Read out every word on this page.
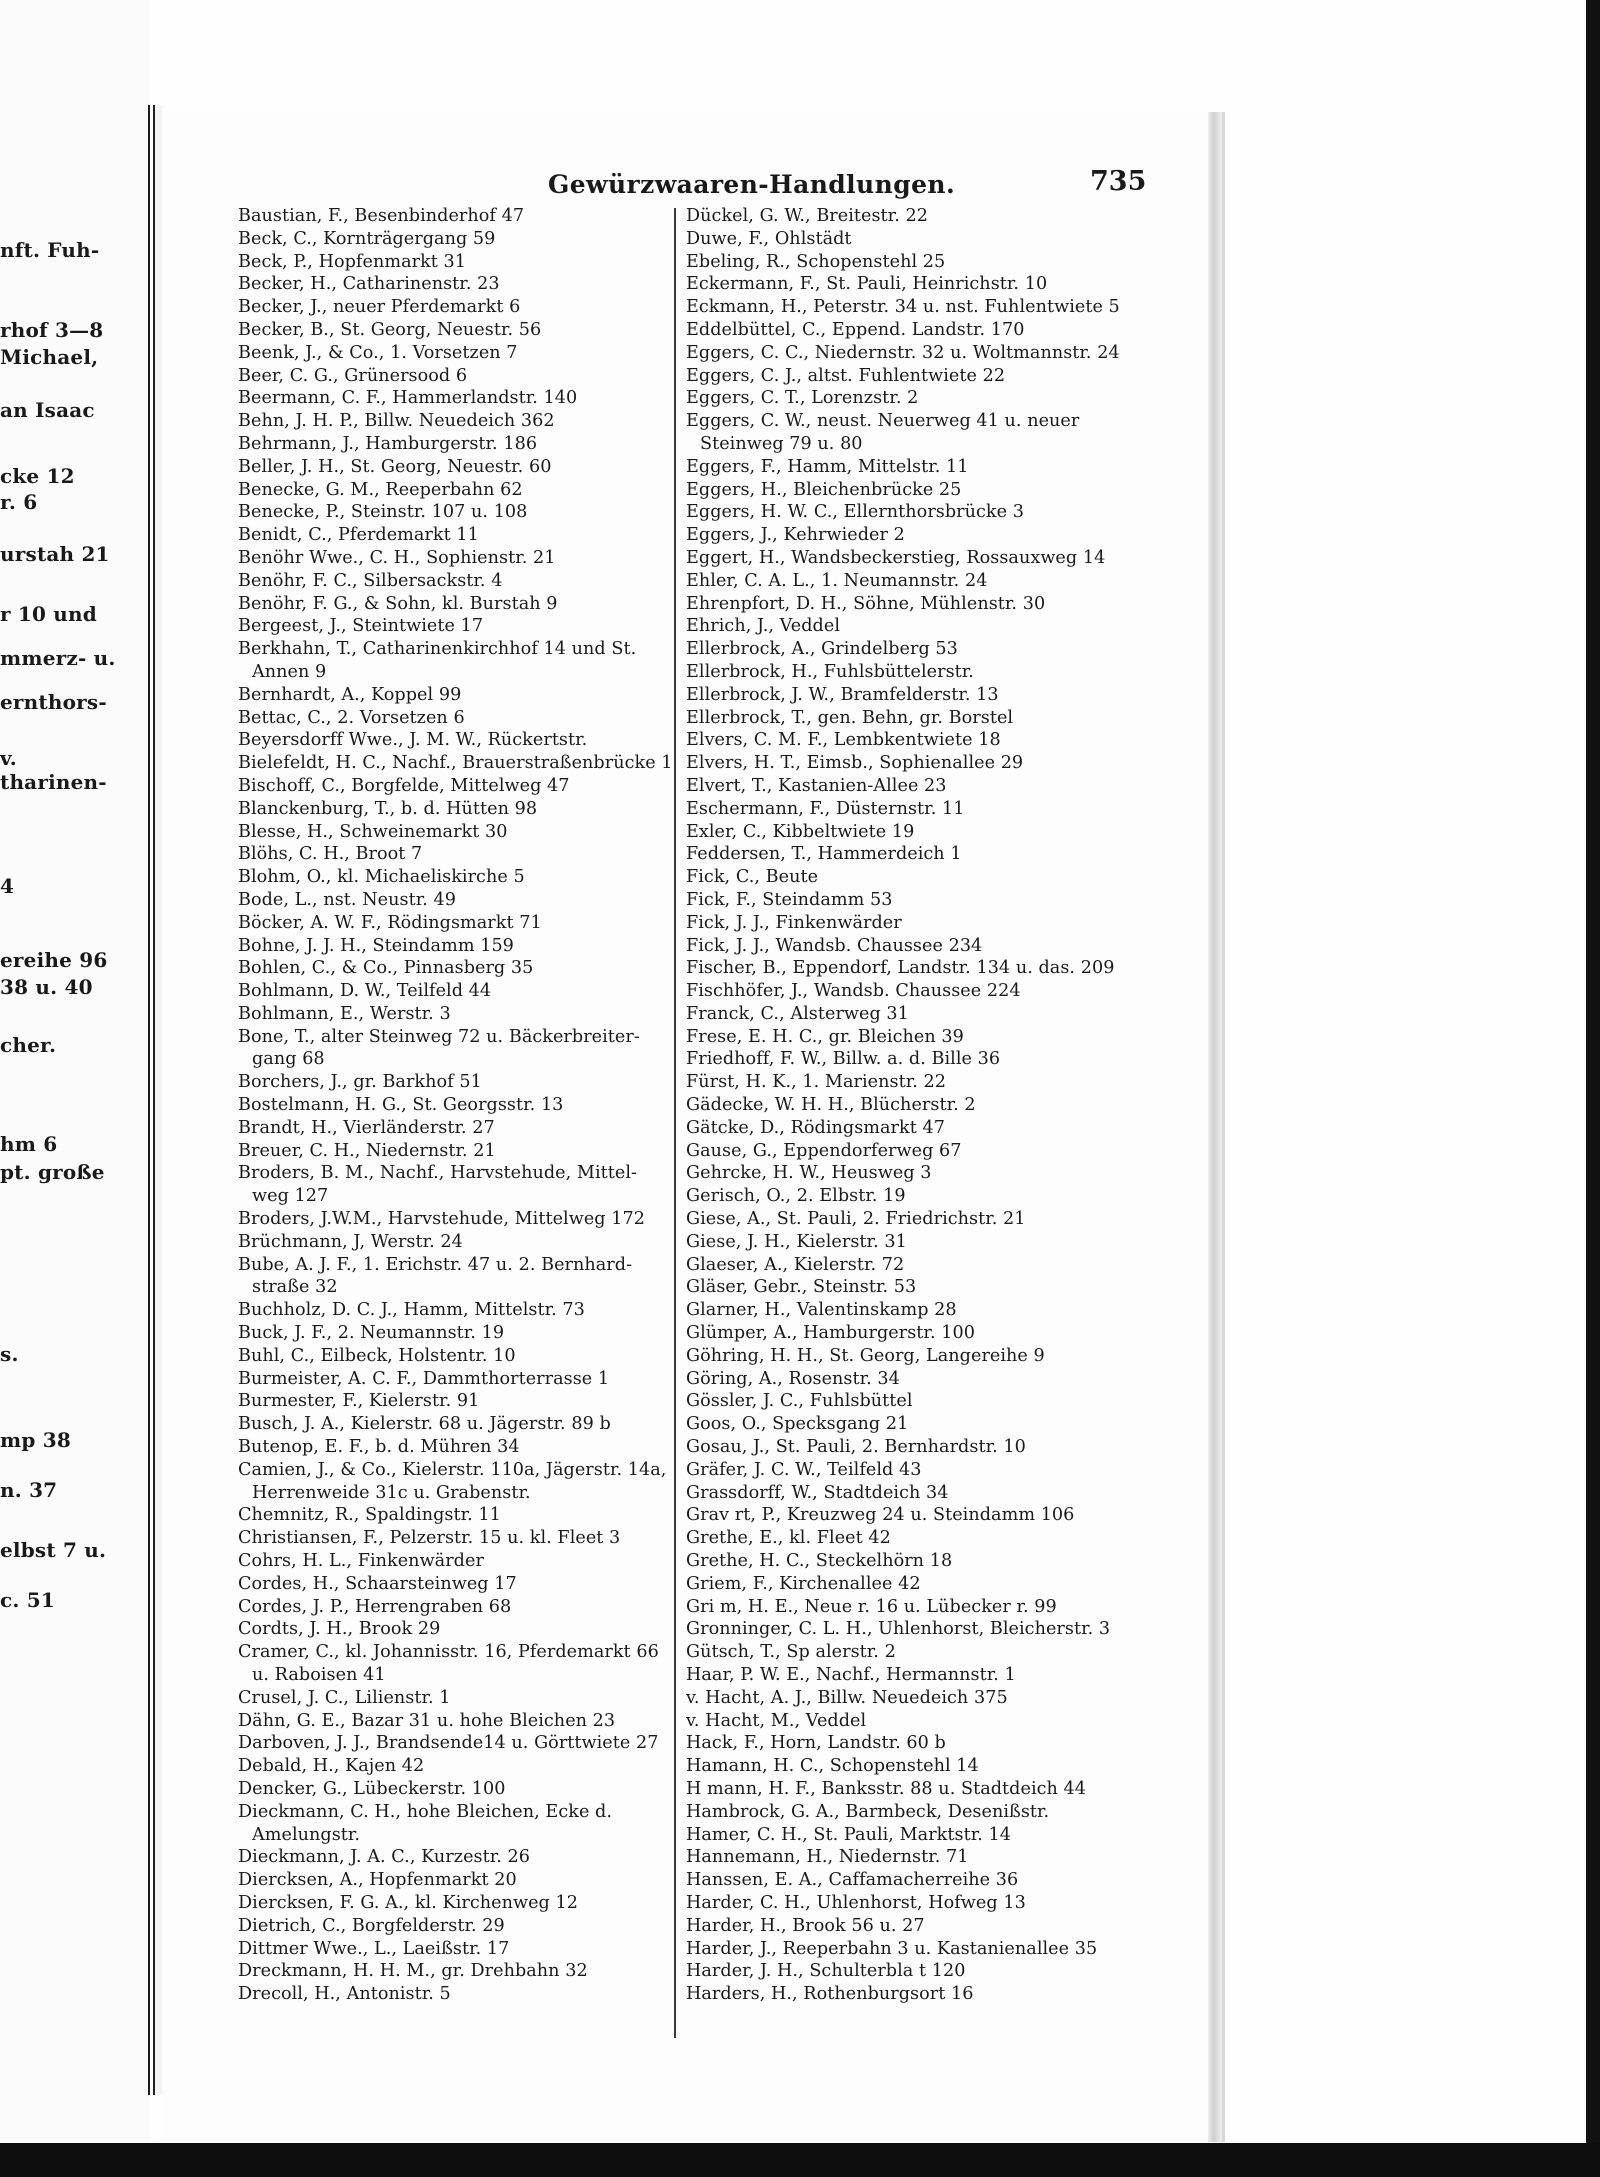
nft. Fuh-
rhof 3—8
Michael,
an Isaac
cke 12
r. 6
urstah 21
r 10 und
mmerz- u.
ernthors-
v.
tharinen-
4
ereihe 96
38 u. 40
cher.
hm 6
pt. große
s.
mp 38
n. 37
elbst 7 u.
c. 51
Gewürzwaaren-Handlungen.	735
Baustian, F., Besenbinderhof 47
Beck, C., Kornträgergang 59
Beck, P., Hopfenmarkt 31
Becker, H., Catharinenstr. 23
Becker, J., neuer Pferdemarkt 6
Becker, B., St. Georg, Neuestr. 56
Beenk, J., & Co., 1. Vorsetzen 7
Beer, C. G., Grünersood 6
Beermann, C. F., Hammerlandstr. 140
Behn, J. H. P., Billw. Neuedeich 362
Behrmann, J., Hamburgerstr. 186
Beller, J. H., St. Georg, Neuestr. 60
Benecke, G. M., Reeperbahn 62
Benecke, P., Steinstr. 107 u. 108
Benidt, C., Pferdemarkt 11
Benöhr Wwe., C. H., Sophienstr. 21
Benöhr, F. C., Silbersackstr. 4
Benöhr, F. G., & Sohn, kl. Burstah 9
Bergeest, J., Steintwiete 17
Berkhahn, T., Catharinenkirchhof 14 und St.
Annen 9
Bernhardt, A., Koppel 99
Bettac, C., 2. Vorsetzen 6
Beyersdorff Wwe., J. M. W., Rückertstr.
Bielefeldt, H. C., Nachf., Brauerstraßenbrücke 1
Bischoff, C., Borgfelde, Mittelweg 47
Blanckenburg, T., b. d. Hütten 98
Blesse, H., Schweinemarkt 30
Blöhs, C. H., Broot 7
Blohm, O., kl. Michaeliskirche 5
Bode, L., nst. Neustr. 49
Böcker, A. W. F., Rödingsmarkt 71
Bohne, J. J. H., Steindamm 159
Bohlen, C., & Co., Pinnasberg 35
Bohlmann, D. W., Teilfeld 44
Bohlmann, E., Werstr. 3
Bone, T., alter Steinweg 72 u. Bäckerbreiter-
gang 68
Borchers, J., gr. Barkhof 51
Bostelmann, H. G., St. Georgsstr. 13
Brandt, H., Vierländerstr. 27
Breuer, C. H., Niedernstr. 21
Broders, B. M., Nachf., Harvstehude, Mittel-
weg 127
Broders, J.W.M., Harvstehude, Mittelweg 172
Brüchmann, J, Werstr. 24
Bube, A. J. F., 1. Erichstr. 47 u. 2. Bernhard-
straße 32
Buchholz, D. C. J., Hamm, Mittelstr. 73
Buck, J. F., 2. Neumannstr. 19
Buhl, C., Eilbeck, Holstentr. 10
Burmeister, A. C. F., Dammthorterrasse 1
Burmester, F., Kielerstr. 91
Busch, J. A., Kielerstr. 68 u. Jägerstr. 89 b
Butenop, E. F., b. d. Mühren 34
Camien, J., & Co., Kielerstr. 110a, Jägerstr. 14a,
Herrenweide 31c u. Grabenstr.
Chemnitz, R., Spaldingstr. 11
Christiansen, F., Pelzerstr. 15 u. kl. Fleet 3
Cohrs, H. L., Finkenwärder
Cordes, H., Schaarsteinweg 17
Cordes, J. P., Herrengraben 68
Cordts, J. H., Brook 29
Cramer, C., kl. Johannisstr. 16, Pferdemarkt 66
u. Raboisen 41
Crusel, J. C., Lilienstr. 1
Dähn, G. E., Bazar 31 u. hohe Bleichen 23
Darboven, J. J., Brandsende14 u. Görttwiete 27
Debald, H., Kajen 42
Dencker, G., Lübeckerstr. 100
Dieckmann, C. H., hohe Bleichen, Ecke d.
Amelungstr.
Dieckmann, J. A. C., Kurzestr. 26
Diercksen, A., Hopfenmarkt 20
Diercksen, F. G. A., kl. Kirchenweg 12
Dietrich, C., Borgfelderstr. 29
Dittmer Wwe., L., Laeißstr. 17
Dreckmann, H. H. M., gr. Drehbahn 32
Drecoll, H., Antonistr. 5
Dückel, G. W., Breitestr. 22
Duwe, F., Ohlstädt
Ebeling, R., Schopenstehl 25
Eckermann, F., St. Pauli, Heinrichstr. 10
Eckmann, H., Peterstr. 34 u. nst. Fuhlentwiete 5
Eddelbüttel, C., Eppend. Landstr. 170
Eggers, C. C., Niedernstr. 32 u. Woltmannstr. 24
Eggers, C. J., altst. Fuhlentwiete 22
Eggers, C. T., Lorenzstr. 2
Eggers, C. W., neust. Neuerweg 41 u. neuer
Steinweg 79 u. 80
Eggers, F., Hamm, Mittelstr. 11
Eggers, H., Bleichenbrücke 25
Eggers, H. W. C., Ellernthorsbrücke 3
Eggers, J., Kehrwieder 2
Eggert, H., Wandsbeckerstieg, Rossauxweg 14
Ehler, C. A. L., 1. Neumannstr. 24
Ehrenpfort, D. H., Söhne, Mühlenstr. 30
Ehrich, J., Veddel
Ellerbrock, A., Grindelberg 53
Ellerbrock, H., Fuhlsbüttelerstr.
Ellerbrock, J. W., Bramfelderstr. 13
Ellerbrock, T., gen. Behn, gr. Borstel
Elvers, C. M. F., Lembkentwiete 18
Elvers, H. T., Eimsb., Sophienallee 29
Elvert, T., Kastanien-Allee 23
Eschermann, F., Düsternstr. 11
Exler, C., Kibbeltwiete 19
Feddersen, T., Hammerdeich 1
Fick, C., Beute
Fick, F., Steindamm 53
Fick, J. J., Finkenwärder
Fick, J. J., Wandsb. Chaussee 234
Fischer, B., Eppendorf, Landstr. 134 u. das. 209
Fischhöfer, J., Wandsb. Chaussee 224
Franck, C., Alsterweg 31
Frese, E. H. C., gr. Bleichen 39
Friedhoff, F. W., Billw. a. d. Bille 36
Fürst, H. K., 1. Marienstr. 22
Gädecke, W. H. H., Blücherstr. 2
Gätcke, D., Rödingsmarkt 47
Gause, G., Eppendorferweg 67
Gehrcke, H. W., Heusweg 3
Gerisch, O., 2. Elbstr. 19
Giese, A., St. Pauli, 2. Friedrichstr. 21
Giese, J. H., Kielerstr. 31
Glaeser, A., Kielerstr. 72
Gläser, Gebr., Steinstr. 53
Glarner, H., Valentinskamp 28
Glümper, A., Hamburgerstr. 100
Göhring, H. H., St. Georg, Langereihe 9
Göring, A., Rosenstr. 34
Gössler, J. C., Fuhlsbüttel
Goos, O., Specksgang 21
Gosau, J., St. Pauli, 2. Bernhardstr. 10
Gräfer, J. C. W., Teilfeld 43
Grassdorff, W., Stadtdeich 34
Grav rt, P., Kreuzweg 24 u. Steindamm 106
Grethe, E., kl. Fleet 42
Grethe, H. C., Steckelhörn 18
Griem, F., Kirchenallee 42
Gri m, H. E., Neue r. 16 u. Lübecker r. 99
Gronninger, C. L. H., Uhlenhorst, Bleicherstr. 3
Gütsch, T., Sp alerstr. 2
Haar, P. W. E., Nachf., Hermannstr. 1
v. Hacht, A. J., Billw. Neuedeich 375
v. Hacht, M., Veddel
Hack, F., Horn, Landstr. 60 b
Hamann, H. C., Schopenstehl 14
H mann, H. F., Banksstr. 88 u. Stadtdeich 44
Hambrock, G. A., Barmbeck, Desenißstr.
Hamer, C. H., St. Pauli, Marktstr. 14
Hannemann, H., Niedernstr. 71
Hanssen, E. A., Caffamacherreihe 36
Harder, C. H., Uhlenhorst, Hofweg 13
Harder, H., Brook 56 u. 27
Harder, J., Reeperbahn 3 u. Kastanienallee 35
Harder, J. H., Schulterbla t 120
Harders, H., Rothenburgsort 16
